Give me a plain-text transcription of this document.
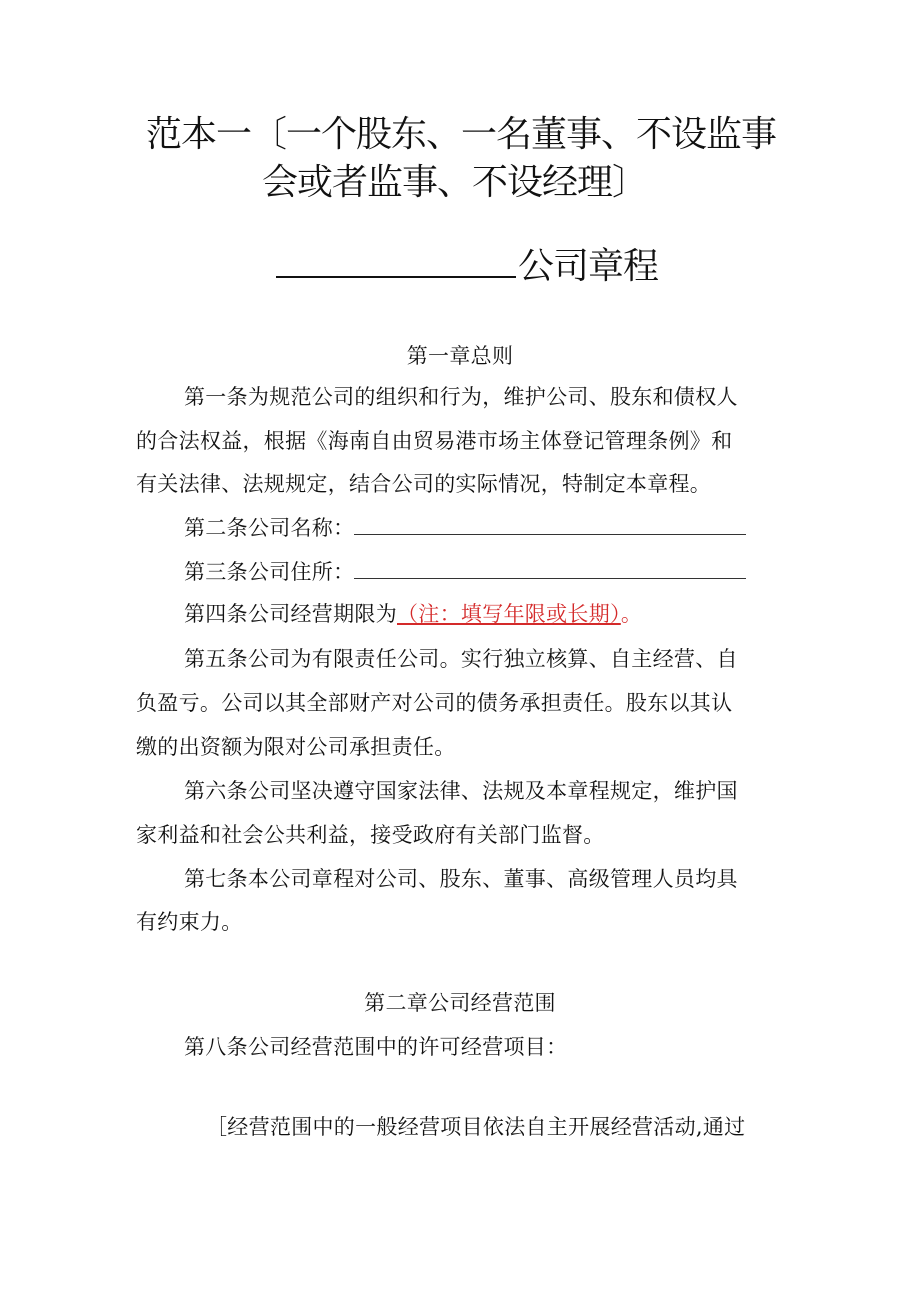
范本一〔一个股东、一名董事、不设监事
会或者监事、不设经理〕
公司章程
第一章总则
第一条为规范公司的组织和行为，维护公司、股东和债权人
的合法权益，根据《海南自由贸易港市场主体登记管理条例》和
有关法律、法规规定，结合公司的实际情况，特制定本章程。
第二条公司名称：
第三条公司住所：
第四条公司经营期限为（注：填写年限或长期）。
第五条公司为有限责任公司。实行独立核算、自主经营、自
负盈亏。公司以其全部财产对公司的债务承担责任。股东以其认
缴的出资额为限对公司承担责任。
第六条公司坚决遵守国家法律、法规及本章程规定，维护国
家利益和社会公共利益，接受政府有关部门监督。
第七条本公司章程对公司、股东、董事、高级管理人员均具
有约束力。
第二章公司经营范围
第八条公司经营范围中的许可经营项目：
［经营范围中的一般经营项目依法自主开展经营活动,通过
